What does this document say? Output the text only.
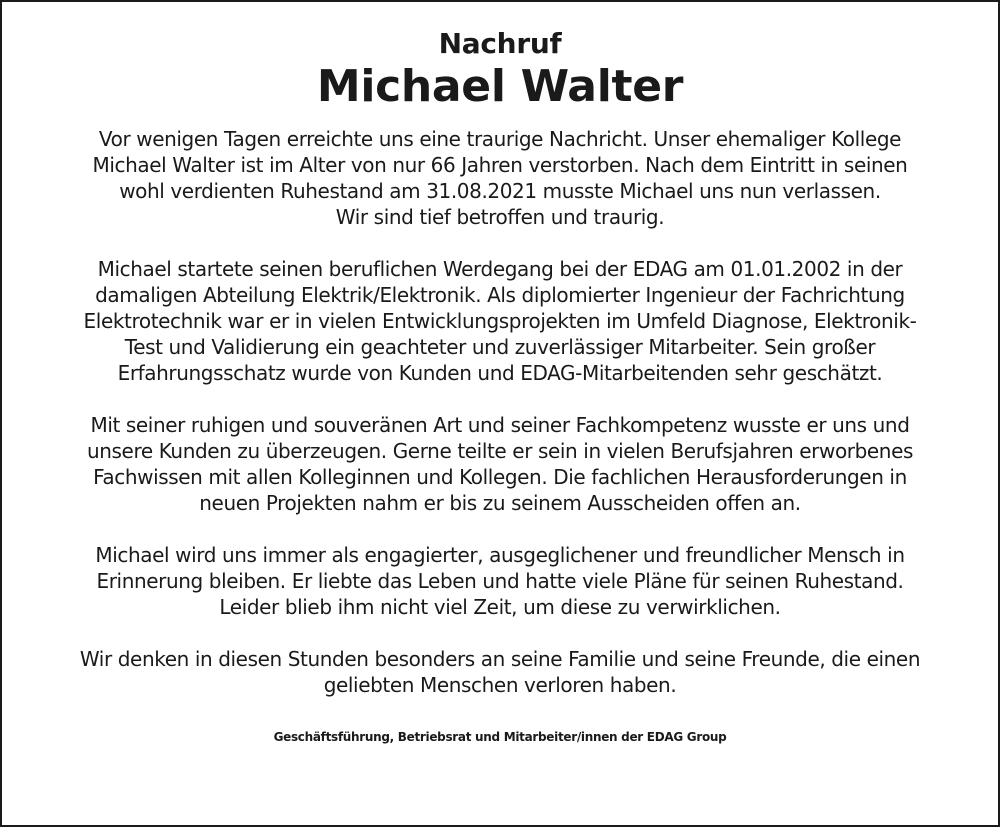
Nachruf
Michael Walter

Vor wenigen Tagen erreichte uns eine traurige Nachricht. Unser ehemaliger Kollege
Michael Walter ist im Alter von nur 66 Jahren verstorben. Nach dem Eintritt in seinen
wohl verdienten Ruhestand am 31.08.2021 musste Michael uns nun verlassen.
Wir sind tief betroffen und traurig.

Michael startete seinen beruflichen Werdegang bei der EDAG am 01.01.2002 in der
damaligen Abteilung Elektrik/Elektronik. Als diplomierter Ingenieur der Fachrichtung
Elektrotechnik war er in vielen Entwicklungsprojekten im Umfeld Diagnose, Elektronik-
Test und Validierung ein geachteter und zuverlässiger Mitarbeiter. Sein großer
Erfahrungsschatz wurde von Kunden und EDAG-Mitarbeitenden sehr geschätzt.

Mit seiner ruhigen und souveränen Art und seiner Fachkompetenz wusste er uns und
unsere Kunden zu überzeugen. Gerne teilte er sein in vielen Berufsjahren erworbenes
Fachwissen mit allen Kolleginnen und Kollegen. Die fachlichen Herausforderungen in
neuen Projekten nahm er bis zu seinem Ausscheiden offen an.

Michael wird uns immer als engagierter, ausgeglichener und freundlicher Mensch in
Erinnerung bleiben. Er liebte das Leben und hatte viele Pläne für seinen Ruhestand.
Leider blieb ihm nicht viel Zeit, um diese zu verwirklichen.

Wir denken in diesen Stunden besonders an seine Familie und seine Freunde, die einen
geliebten Menschen verloren haben.

Geschäftsführung, Betriebsrat und Mitarbeiter/innen der EDAG Group
